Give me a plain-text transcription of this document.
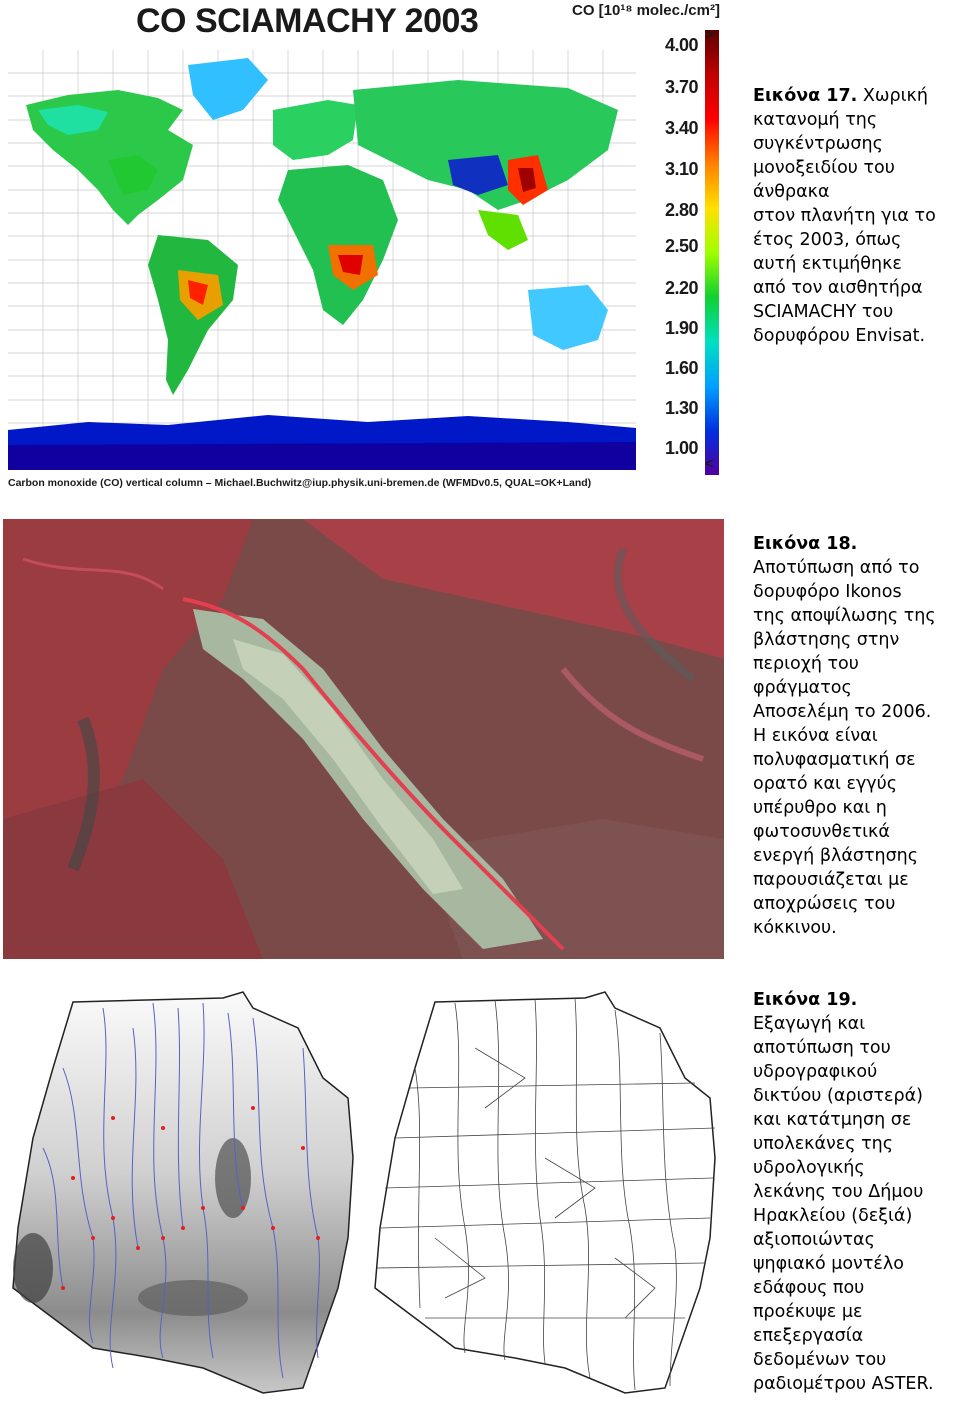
CO SCIAMACHY 2003	CO [10¹⁸ molec./cm²]
>
4.00
3.70
3.40
3.10
2.80
2.50
2.20
1.90
1.60
1.30
1.00
<
Carbon monoxide (CO) vertical column – Michael.Buchwitz@iup.physik.uni-bremen.de (WFMDv0.5, QUAL=OK+Land)
Εικόνα 17. Χωρική
κατανομή της
συγκέντρωσης
μονοξειδίου του
άνθρακα
στον πλανήτη για το
έτος 2003, όπως
αυτή εκτιμήθηκε
από τον αισθητήρα
SCIAMACHY του
δορυφόρου Envisat.
Εικόνα 18.
Αποτύπωση από το
δορυφόρο Ikonos
της αποψίλωσης της
βλάστησης στην
περιοχή του
φράγματος
Αποσελέμη το 2006.
Η εικόνα είναι
πολυφασματική σε
ορατό και εγγύς
υπέρυθρο και η
φωτοσυνθετικά
ενεργή βλάστησης
παρουσιάζεται με
αποχρώσεις του
κόκκινου.
Εικόνα 19.
Εξαγωγή και
αποτύπωση του
υδρογραφικού
δικτύου (αριστερά)
και κατάτμηση σε
υπολεκάνες της
υδρολογικής
λεκάνης του Δήμου
Ηρακλείου (δεξιά)
αξιοποιώντας
ψηφιακό μοντέλο
εδάφους που
προέκυψε με
επεξεργασία
δεδομένων του
ραδιομέτρου ASTER.
